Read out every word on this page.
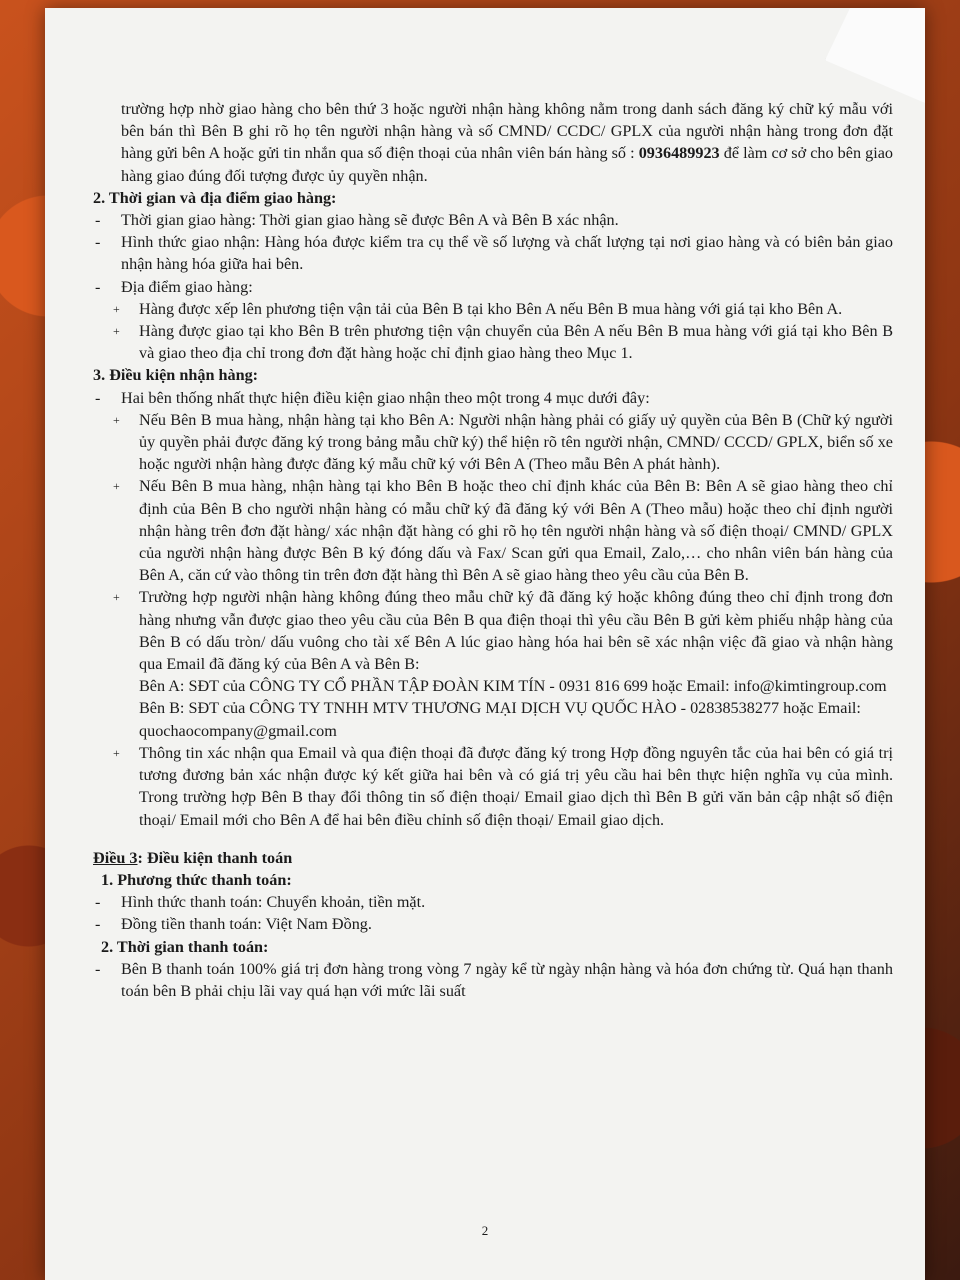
trường hợp nhờ giao hàng cho bên thứ 3 hoặc người nhận hàng không nằm trong danh sách đăng ký chữ ký mẫu với bên bán thì Bên B ghi rõ họ tên người nhận hàng và số CMND/ CCDC/ GPLX của người nhận hàng trong đơn đặt hàng gửi bên A hoặc gửi tin nhắn qua số điện thoại của nhân viên bán hàng số : 0936489923 để làm cơ sở cho bên giao hàng giao đúng đối tượng được ủy quyền nhận.

2. Thời gian và địa điểm giao hàng:

- Thời gian giao hàng: Thời gian giao hàng sẽ được Bên A và Bên B xác nhận.

- Hình thức giao nhận: Hàng hóa được kiểm tra cụ thể về số lượng và chất lượng tại nơi giao hàng và có biên bản giao nhận hàng hóa giữa hai bên.

- Địa điểm giao hàng:

+ Hàng được xếp lên phương tiện vận tải của Bên B tại kho Bên A nếu Bên B mua hàng với giá tại kho Bên A.

+ Hàng được giao tại kho Bên B trên phương tiện vận chuyển của Bên A nếu Bên B mua hàng với giá tại kho Bên B và giao theo địa chỉ trong đơn đặt hàng hoặc chỉ định giao hàng theo Mục 1.

3. Điều kiện nhận hàng:

- Hai bên thống nhất thực hiện điều kiện giao nhận theo một trong 4 mục dưới đây:

+ Nếu Bên B mua hàng, nhận hàng tại kho Bên A: Người nhận hàng phải có giấy uỷ quyền của Bên B (Chữ ký người ủy quyền phải được đăng ký trong bảng mẫu chữ ký) thể hiện rõ tên người nhận, CMND/ CCCD/ GPLX, biển số xe hoặc người nhận hàng được đăng ký mẫu chữ ký với Bên A (Theo mẫu Bên A phát hành).

+ Nếu Bên B mua hàng, nhận hàng tại kho Bên B hoặc theo chỉ định khác của Bên B: Bên A sẽ giao hàng theo chỉ định của Bên B cho người nhận hàng có mẫu chữ ký đã đăng ký với Bên A (Theo mẫu) hoặc theo chỉ định người nhận hàng trên đơn đặt hàng/ xác nhận đặt hàng có ghi rõ họ tên người nhận hàng và số điện thoại/ CMND/ GPLX của người nhận hàng được Bên B ký đóng dấu và Fax/ Scan gửi qua Email, Zalo,… cho nhân viên bán hàng của Bên A, căn cứ vào thông tin trên đơn đặt hàng thì Bên A sẽ giao hàng theo yêu cầu của Bên B.

+ Trường hợp người nhận hàng không đúng theo mẫu chữ ký đã đăng ký hoặc không đúng theo chỉ định trong đơn hàng nhưng vẫn được giao theo yêu cầu của Bên B qua điện thoại thì yêu cầu Bên B gửi kèm phiếu nhập hàng của Bên B có dấu tròn/ dấu vuông cho tài xế Bên A lúc giao hàng hóa hai bên sẽ xác nhận việc đã giao và nhận hàng qua Email đã đăng ký của Bên A và Bên B:

Bên A: SĐT của CÔNG TY CỔ PHẦN TẬP ĐOÀN KIM TÍN - 0931 816 699 hoặc Email: info@kimtingroup.com

Bên B: SĐT của CÔNG TY TNHH MTV THƯƠNG MẠI DỊCH VỤ QUỐC HÀO - 02838538277 hoặc Email: quochaocompany@gmail.com

+ Thông tin xác nhận qua Email và qua điện thoại đã được đăng ký trong Hợp đồng nguyên tắc của hai bên có giá trị tương đương bản xác nhận được ký kết giữa hai bên và có giá trị yêu cầu hai bên thực hiện nghĩa vụ của mình. Trong trường hợp Bên B thay đổi thông tin số điện thoại/ Email giao dịch thì Bên B gửi văn bản cập nhật số điện thoại/ Email mới cho Bên A để hai bên điều chỉnh số điện thoại/ Email giao dịch.

Điều 3: Điều kiện thanh toán

1. Phương thức thanh toán:

- Hình thức thanh toán: Chuyển khoản, tiền mặt.

- Đồng tiền thanh toán: Việt Nam Đồng.

2. Thời gian thanh toán:

- Bên B thanh toán 100% giá trị đơn hàng trong vòng 7 ngày kể từ ngày nhận hàng và hóa đơn chứng từ. Quá hạn thanh toán bên B phải chịu lãi vay quá hạn với mức lãi suất

2
